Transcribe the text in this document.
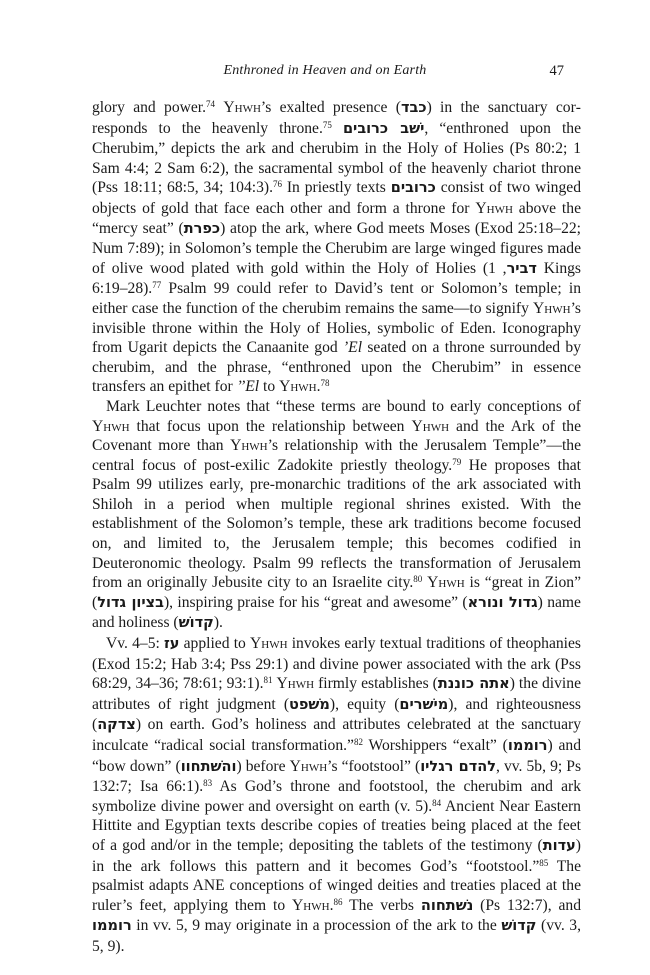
Enthroned in Heaven and on Earth	47

glory and power.$^{74}$ Yhwh’s exalted presence (כבד) in the sanctuary corresponds to the heavenly throne.$^{75}$ ישׁב כרובים, “enthroned upon the Cherubim,” depicts the ark and cherubim in the Holy of Holies (Ps 80:2; 1 Sam 4:4; 2 Sam 6:2), the sacramental symbol of the heavenly chariot throne (Pss 18:11; 68:5, 34; 104:3).$^{76}$ In priestly texts כרובים consist of two winged objects of gold that face each other and form a throne for Yhwh above the “mercy seat” (כפרת) atop the ark, where God meets Moses (Exod 25:18–22; Num 7:89); in Solomon’s temple the Cherubim are large winged figures made of olive wood plated with gold within the Holy of Holies ( דביר, 1 Kings 6:19–28).$^{77}$ Psalm 99 could refer to David’s tent or Solomon’s temple; in either case the function of the cherubim remains the same—to signify Yhwh’s invisible throne within the Holy of Holies, symbolic of Eden. Iconography from Ugarit depicts the Canaanite god ’El seated on a throne surrounded by cherubim, and the phrase, “enthroned upon the Cherubim” in essence transfers an epithet for ’’El to Yhwh.$^{78}$

Mark Leuchter notes that “these terms are bound to early conceptions of Yhwh that focus upon the relationship between Yhwh and the Ark of the Covenant more than Yhwh’s relationship with the Jerusalem Temple”—the central focus of post-exilic Zadokite priestly theology.$^{79}$ He proposes that Psalm 99 utilizes early, pre-monarchic traditions of the ark associated with Shiloh in a period when multiple regional shrines existed. With the establishment of the Solomon’s temple, these ark traditions become focused on, and limited to, the Jerusalem temple; this becomes codified in Deuteronomic theology. Psalm 99 reflects the transformation of Jerusalem from an originally Jebusite city to an Israelite city.$^{80}$ Yhwh is “great in Zion” (בציון גדול), inspiring praise for his “great and awesome” (גדול ונורא) name and holiness (קדושׁ).

Vv. 4–5: עז applied to Yhwh invokes early textual traditions of theophanies (Exod 15:2; Hab 3:4; Pss 29:1) and divine power associated with the ark (Pss 68:29, 34–36; 78:61; 93:1).$^{81}$ Yhwh firmly establishes (אתה כוננת) the divine attributes of right judgment (משׁפט), equity (מישׁרים), and righteousness (צדקה) on earth. God’s holiness and attributes celebrated at the sanctuary inculcate “radical social transformation.”$^{82}$ Worshippers “exalt” (רוממו) and “bow down” (והשׁתחוו) before Yhwh’s “footstool” (להדם רגליו, vv. 5b, 9; Ps 132:7; Isa 66:1).$^{83}$ As God’s throne and footstool, the cherubim and ark symbolize divine power and oversight on earth (v. 5).$^{84}$ Ancient Near Eastern Hittite and Egyptian texts describe copies of treaties being placed at the feet of a god and/or in the temple; depositing the tablets of the testimony (עדות) in the ark follows this pattern and it becomes God’s “footstool.”$^{85}$ The psalmist adapts ANE conceptions of winged deities and treaties placed at the ruler’s feet, applying them to Yhwh.$^{86}$ The verbs נשׁתחוה (Ps 132:7), and רוממו in vv. 5, 9 may originate in a procession of the ark to the קדושׁ (vv. 3, 5, 9).
